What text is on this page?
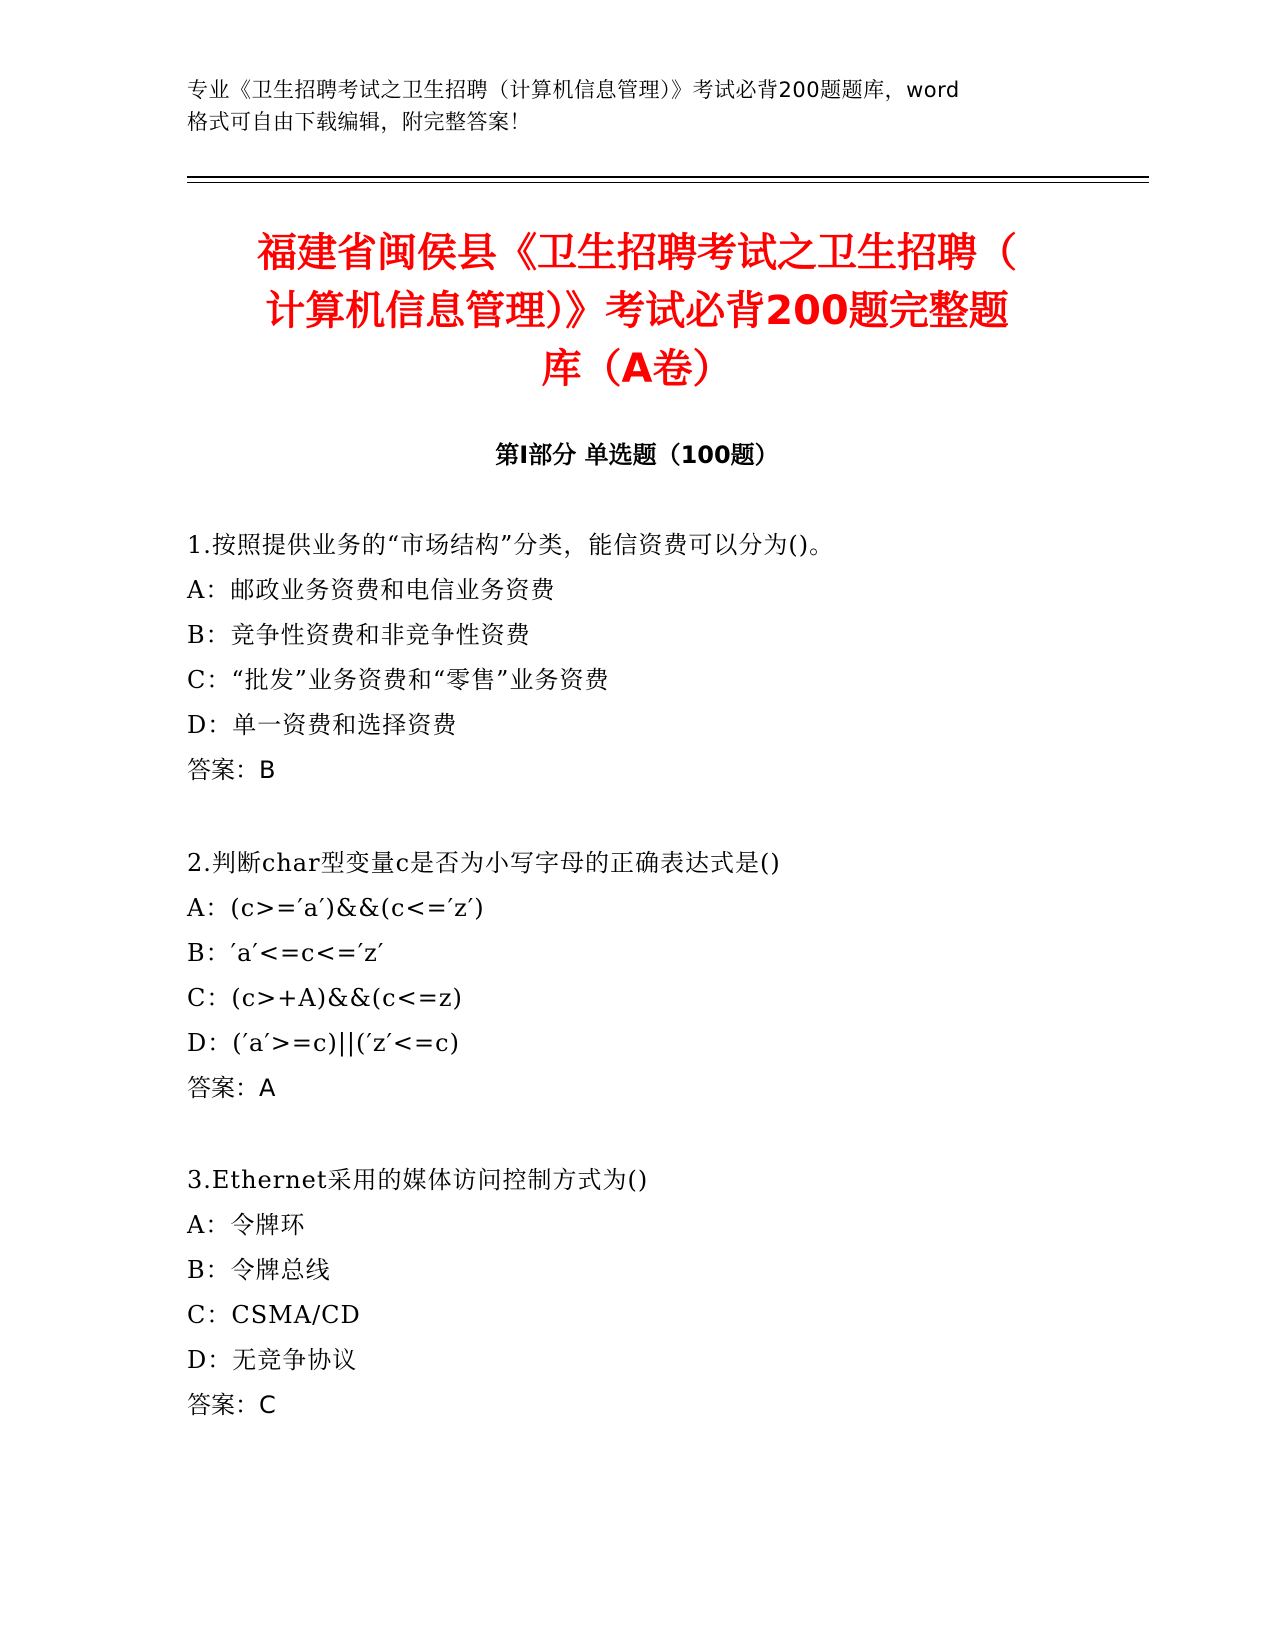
专业《卫生招聘考试之卫生招聘（计算机信息管理）》考试必背200题题库，word
格式可自由下载编辑，附完整答案！
福建省闽侯县《卫生招聘考试之卫生招聘（
计算机信息管理）》考试必背200题完整题
库（A卷）
第Ⅰ部分 单选题（100题）
1.按照提供业务的“市场结构”分类，能信资费可以分为()。
A：邮政业务资费和电信业务资费
B：竞争性资费和非竞争性资费
C：“批发”业务资费和“零售”业务资费
D：单一资费和选择资费
答案：B
2.判断char型变量c是否为小写字母的正确表达式是()
A：(c>=′a′)&&(c<=′z′)
B：′a′<=c<=′z′
C：(c>+A)&&(c<=z)
D：(′a′>=c)||(′z′<=c)
答案：A
3.Ethernet采用的媒体访问控制方式为()
A：令牌环
B：令牌总线
C：CSMA/CD
D：无竞争协议
答案：C
